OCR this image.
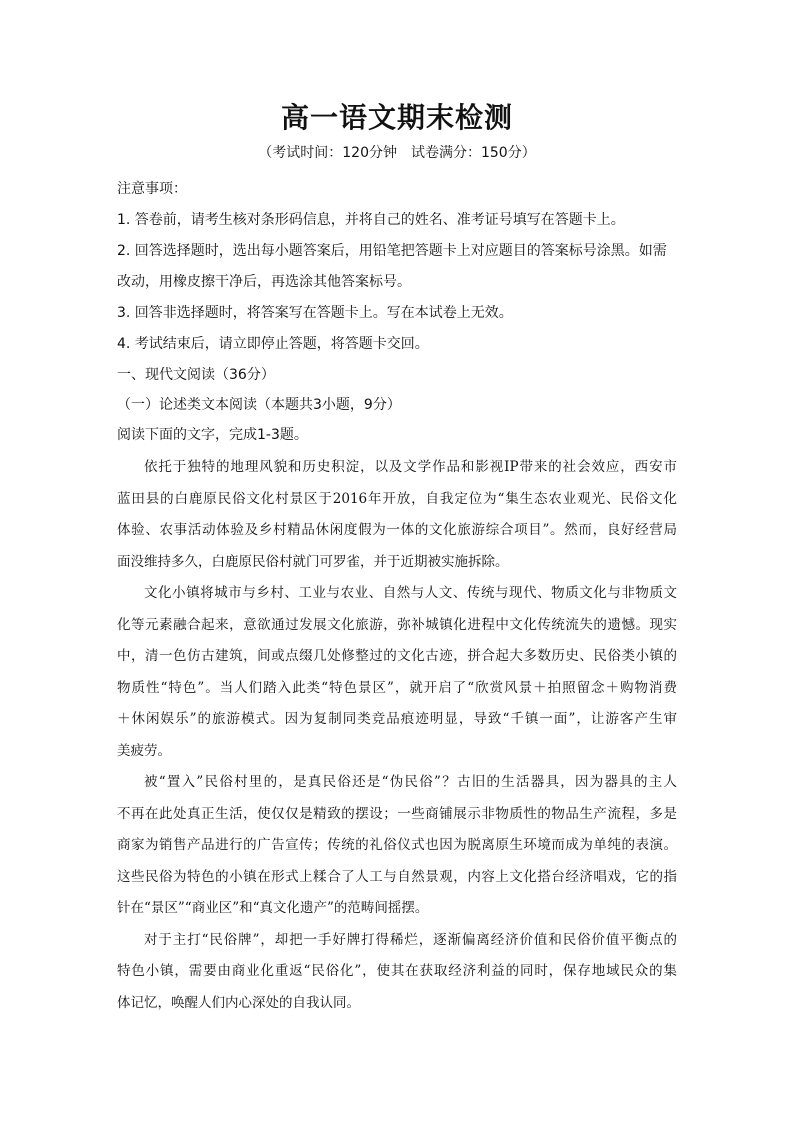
高一语文期末检测
（考试时间：120分钟　试卷满分：150分）

注意事项：

1. 答卷前，请考生核对条形码信息，并将自己的姓名、准考证号填写在答题卡上。

2. 回答选择题时，选出每小题答案后，用铅笔把答题卡上对应题目的答案标号涂黑。如需

改动，用橡皮擦干净后，再选涂其他答案标号。

3. 回答非选择题时，将答案写在答题卡上。写在本试卷上无效。

4. 考试结束后，请立即停止答题，将答题卡交回。

一、现代文阅读（36分）

（一）论述类文本阅读（本题共3小题，9分）

阅读下面的文字，完成1-3题。

依托于独特的地理风貌和历史积淀，以及文学作品和影视IP带来的社会效应，西安市
蓝田县的白鹿原民俗文化村景区于2016年开放，自我定位为“集生态农业观光、民俗文化
体验、农事活动体验及乡村精品休闲度假为一体的文化旅游综合项目”。然而，良好经营局
面没维持多久，白鹿原民俗村就门可罗雀，并于近期被实施拆除。
文化小镇将城市与乡村、工业与农业、自然与人文、传统与现代、物质文化与非物质文
化等元素融合起来，意欲通过发展文化旅游，弥补城镇化进程中文化传统流失的遗憾。现实
中，清一色仿古建筑，间或点缀几处修整过的文化古迹，拼合起大多数历史、民俗类小镇的
物质性“特色”。当人们踏入此类“特色景区”，就开启了“欣赏风景＋拍照留念＋购物消费
＋休闲娱乐”的旅游模式。因为复制同类竞品痕迹明显，导致“千镇一面”，让游客产生审
美疲劳。
被“置入”民俗村里的，是真民俗还是“伪民俗”？古旧的生活器具，因为器具的主人
不再在此处真正生活，使仅仅是精致的摆设；一些商铺展示非物质性的物品生产流程，多是
商家为销售产品进行的广告宣传；传统的礼俗仪式也因为脱离原生环境而成为单纯的表演。
这些民俗为特色的小镇在形式上糅合了人工与自然景观，内容上文化搭台经济唱戏，它的指
针在“景区”“商业区”和“真文化遗产”的范畴间摇摆。
对于主打“民俗牌”，却把一手好牌打得稀烂，逐渐偏离经济价值和民俗价值平衡点的
特色小镇，需要由商业化重返“民俗化”，使其在获取经济利益的同时，保存地域民众的集
体记忆，唤醒人们内心深处的自我认同。
